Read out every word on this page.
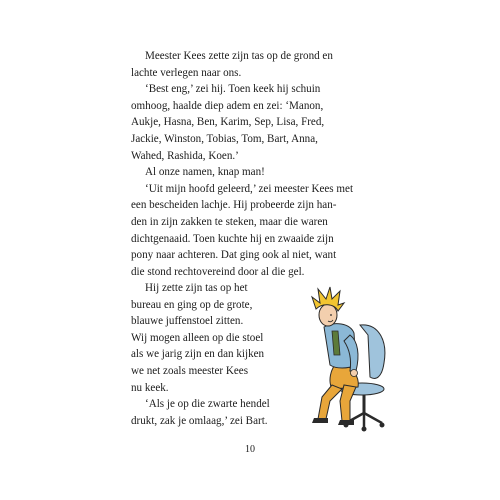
Meester Kees zette zijn tas op de grond en
lachte verlegen naar ons.
‘Best eng,’ zei hij. Toen keek hij schuin
omhoog, haalde diep adem en zei: ‘Manon,
Aukje, Hasna, Ben, Karim, Sep, Lisa, Fred,
Jackie, Winston, Tobias, Tom, Bart, Anna,
Wahed, Rashida, Koen.’
Al onze namen, knap man!
‘Uit mijn hoofd geleerd,’ zei meester Kees met
een bescheiden lachje. Hij probeerde zijn han-
den in zijn zakken te steken, maar die waren
dichtgenaaid. Toen kuchte hij en zwaaide zijn
pony naar achteren. Dat ging ook al niet, want
die stond rechtovereind door al die gel.
Hij zette zijn tas op het
bureau en ging op de grote,
blauwe juffenstoel zitten.
Wij mogen alleen op die stoel
als we jarig zijn en dan kijken
we net zoals meester Kees
nu keek.
‘Als je op die zwarte hendel
drukt, zak je omlaag,’ zei Bart.
10
